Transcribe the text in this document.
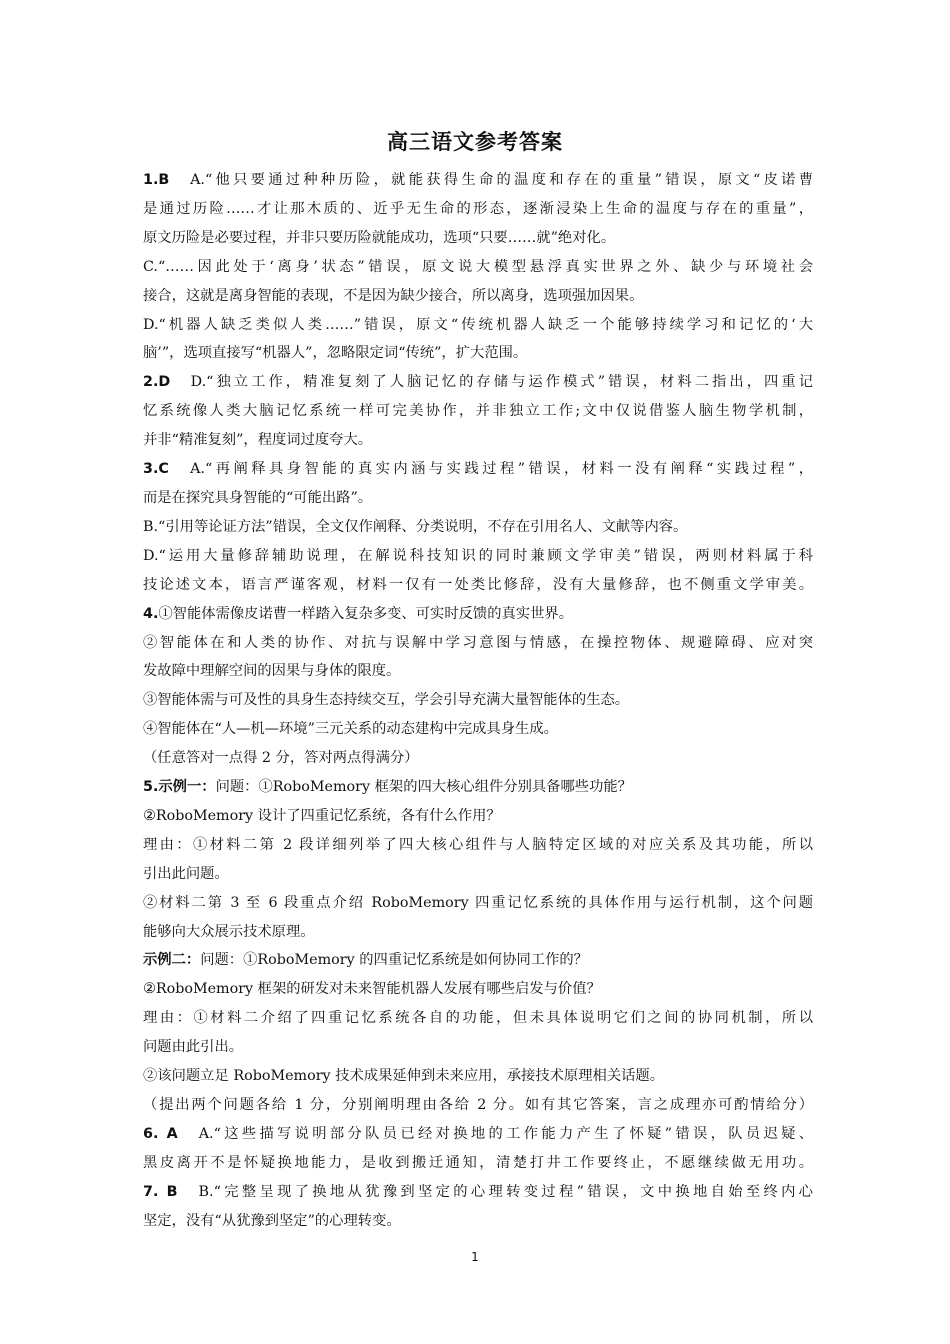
高三语文参考答案
1.B　A.“他只要通过种种历险，就能获得生命的温度和存在的重量”错误，原文“皮诺曹
是通过历险……才让那木质的、近乎无生命的形态，逐渐浸染上生命的温度与存在的重量”，
原文历险是必要过程，并非只要历险就能成功，选项“只要……就”绝对化。
C.“……因此处于‘离身’状态”错误，原文说大模型悬浮真实世界之外、缺少与环境社会
接合，这就是离身智能的表现，不是因为缺少接合，所以离身，选项强加因果。
D.“机器人缺乏类似人类……”错误，原文“传统机器人缺乏一个能够持续学习和记忆的‘大
脑’”，选项直接写“机器人”，忽略限定词“传统”，扩大范围。
2.D　D.“独立工作，精准复刻了人脑记忆的存储与运作模式”错误，材料二指出，四重记
忆系统像人类大脑记忆系统一样可完美协作，并非独立工作;文中仅说借鉴人脑生物学机制，
并非“精准复刻”，程度词过度夸大。
3.C　A.“再阐释具身智能的真实内涵与实践过程”错误，材料一没有阐释“实践过程”，
而是在探究具身智能的“可能出路”。
B.“引用等论证方法”错误，全文仅作阐释、分类说明，不存在引用名人、文献等内容。
D.“运用大量修辞辅助说理，在解说科技知识的同时兼顾文学审美”错误，两则材料属于科
技论述文本，语言严谨客观，材料一仅有一处类比修辞，没有大量修辞，也不侧重文学审美。
4.①智能体需像皮诺曹一样踏入复杂多变、可实时反馈的真实世界。
②智能体在和人类的协作、对抗与误解中学习意图与情感，在操控物体、规避障碍、应对突
发故障中理解空间的因果与身体的限度。
③智能体需与可及性的具身生态持续交互，学会引导充满大量智能体的生态。
④智能体在“人—机—环境”三元关系的动态建构中完成具身生成。
（任意答对一点得 2 分，答对两点得满分）
5.示例一：问题：①RoboMemory 框架的四大核心组件分别具备哪些功能？
②RoboMemory 设计了四重记忆系统，各有什么作用？
理由：①材料二第 2 段详细列举了四大核心组件与人脑特定区域的对应关系及其功能，所以
引出此问题。
②材料二第 3 至 6 段重点介绍 RoboMemory 四重记忆系统的具体作用与运行机制，这个问题
能够向大众展示技术原理。
示例二：问题：①RoboMemory 的四重记忆系统是如何协同工作的？
②RoboMemory 框架的研发对未来智能机器人发展有哪些启发与价值？
理由：①材料二介绍了四重记忆系统各自的功能，但未具体说明它们之间的协同机制，所以
问题由此引出。
②该问题立足 RoboMemory 技术成果延伸到未来应用，承接技术原理相关话题。
（提出两个问题各给 1 分，分别阐明理由各给 2 分。如有其它答案，言之成理亦可酌情给分）
6. A　A.“这些描写说明部分队员已经对换地的工作能力产生了怀疑”错误，队员迟疑、
黑皮离开不是怀疑换地能力，是收到搬迁通知，清楚打井工作要终止，不愿继续做无用功。
7. B　B.“完整呈现了换地从犹豫到坚定的心理转变过程”错误，文中换地自始至终内心
坚定，没有“从犹豫到坚定”的心理转变。
1
